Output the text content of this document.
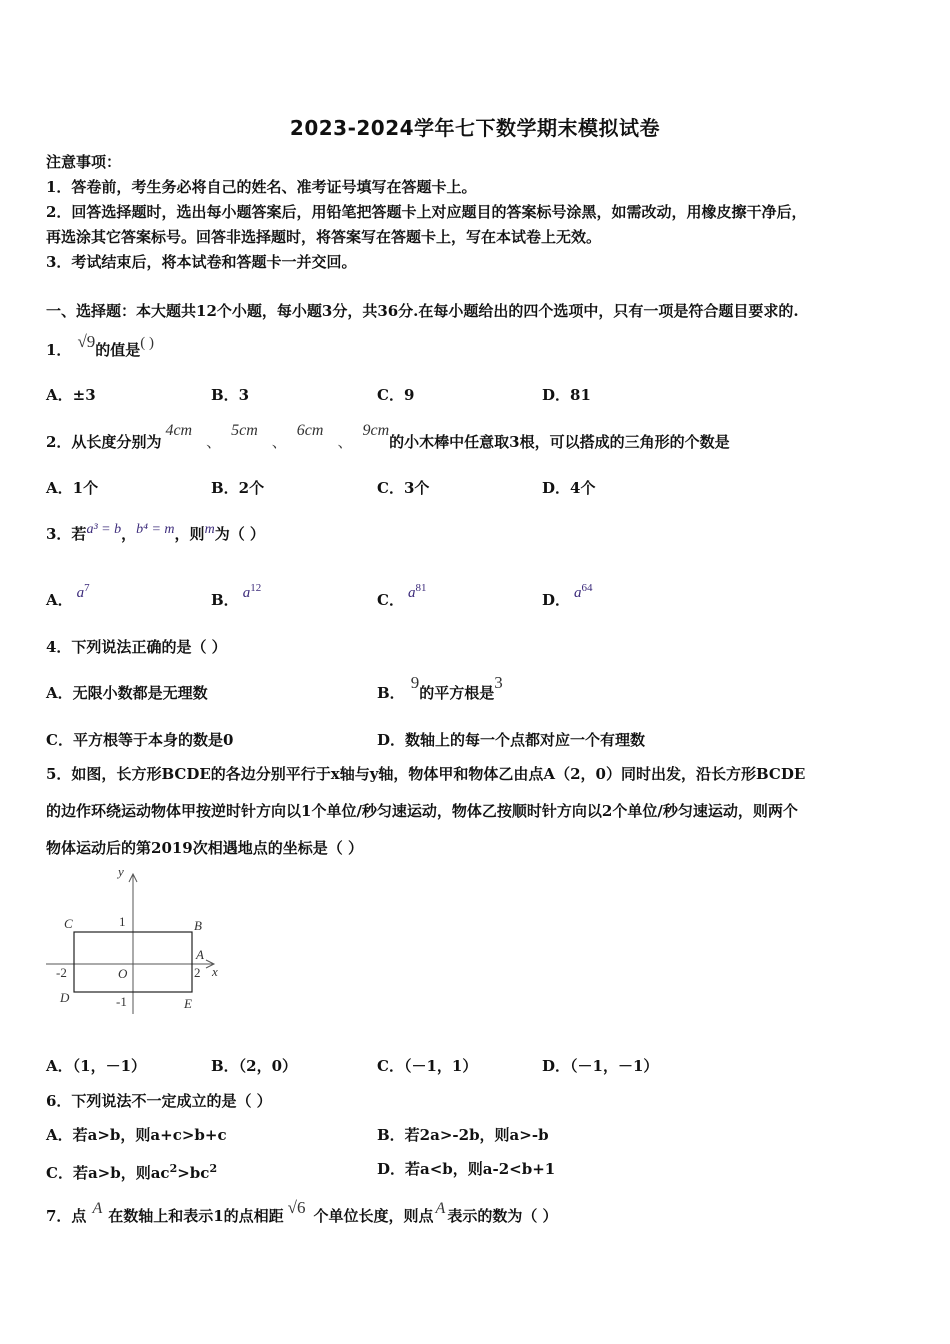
2023-2024学年七下数学期末模拟试卷
注意事项：
1．答卷前，考生务必将自己的姓名、准考证号填写在答题卡上。
2．回答选择题时，选出每小题答案后，用铅笔把答题卡上对应题目的答案标号涂黑，如需改动，用橡皮擦干净后，
再选涂其它答案标号。回答非选择题时，将答案写在答题卡上，写在本试卷上无效。
3．考试结束后，将本试卷和答题卡一并交回。
一、选择题：本大题共12个小题，每小题3分，共36分.在每小题给出的四个选项中，只有一项是符合题目要求的.
1． √9的值是( )
A．±3	B．3	C．9	D．81
2．从长度分别为4cm、5cm、6cm、9cm的小木棒中任意取3根，可以搭成的三角形的个数是
A．1个	B．2个	C．3个	D．4个
3．若a³ = b，b⁴ = m，则m为（ ）
A． $a^7$
B． $a^{12}$
C． $a^{81}$
D． $a^{64}$
4．下列说法正确的是（ ）
A．无限小数都是无理数	B．9的平方根是3
C．平方根等于本身的数是0	D．数轴上的每一个点都对应一个有理数
5．如图，长方形BCDE的各边分别平行于x轴与y轴，物体甲和物体乙由点A（2，0）同时出发，沿长方形BCDE
的边作环绕运动物体甲按逆时针方向以1个单位/秒匀速运动，物体乙按顺时针方向以2个单位/秒匀速运动，则两个
物体运动后的第2019次相遇地点的坐标是（ ）
y
x
C	B
A
D	E
O
1
-1
-2	2
A．（1，－1）	B．（2，0）	C．（－1，1）	D．（－1，－1）
6．下列说法不一定成立的是（ ）
A．若a>b，则a+c>b+c	B．若2a>-2b，则a>-b
C．若a>b，则$ac^2>bc^2$	D．若a<b，则a-2<b+1
7．点 A 在数轴上和表示1的点相距 √6 个单位长度，则点 A 表示的数为（ ）
